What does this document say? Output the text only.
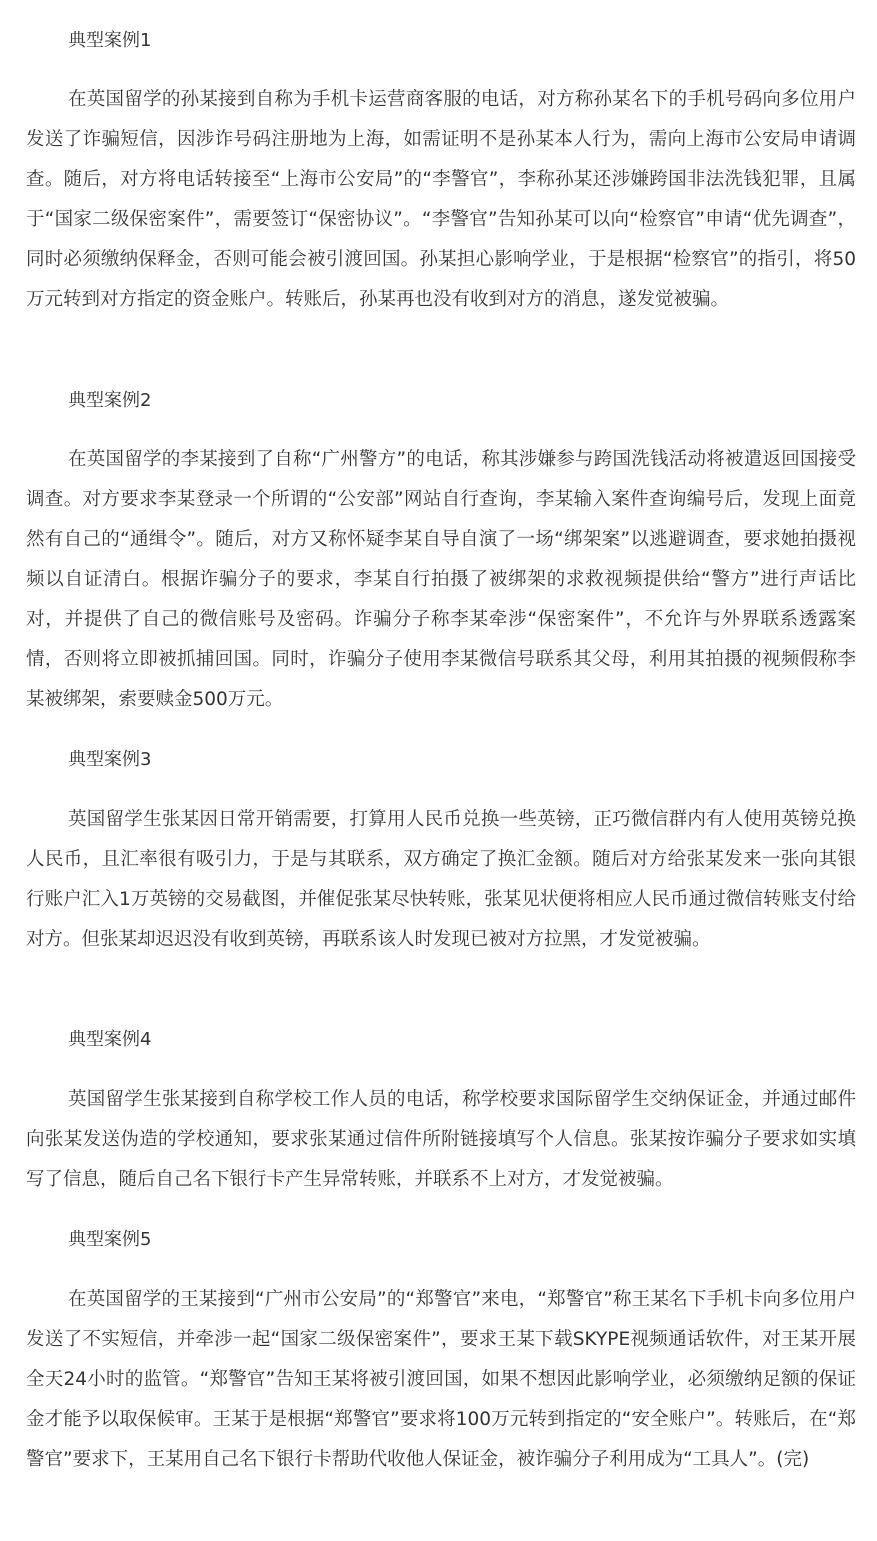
典型案例1

在英国留学的孙某接到自称为手机卡运营商客服的电话，对方称孙某名下的手机号码向多位用户发送了诈骗短信，因涉诈号码注册地为上海，如需证明不是孙某本人行为，需向上海市公安局申请调查。随后，对方将电话转接至“上海市公安局”的“李警官”，李称孙某还涉嫌跨国非法洗钱犯罪，且属于“国家二级保密案件”，需要签订“保密协议”。“李警官”告知孙某可以向“检察官”申请“优先调查”，同时必须缴纳保释金，否则可能会被引渡回国。孙某担心影响学业，于是根据“检察官”的指引，将50万元转到对方指定的资金账户。转账后，孙某再也没有收到对方的消息，遂发觉被骗。

典型案例2

在英国留学的李某接到了自称“广州警方”的电话，称其涉嫌参与跨国洗钱活动将被遣返回国接受调查。对方要求李某登录一个所谓的“公安部”网站自行查询，李某输入案件查询编号后，发现上面竟然有自己的“通缉令”。随后，对方又称怀疑李某自导自演了一场“绑架案”以逃避调查，要求她拍摄视频以自证清白。根据诈骗分子的要求，李某自行拍摄了被绑架的求救视频提供给“警方”进行声话比对，并提供了自己的微信账号及密码。诈骗分子称李某牵涉“保密案件”，不允许与外界联系透露案情，否则将立即被抓捕回国。同时，诈骗分子使用李某微信号联系其父母，利用其拍摄的视频假称李某被绑架，索要赎金500万元。

典型案例3

英国留学生张某因日常开销需要，打算用人民币兑换一些英镑，正巧微信群内有人使用英镑兑换人民币，且汇率很有吸引力，于是与其联系，双方确定了换汇金额。随后对方给张某发来一张向其银行账户汇入1万英镑的交易截图，并催促张某尽快转账，张某见状便将相应人民币通过微信转账支付给对方。但张某却迟迟没有收到英镑，再联系该人时发现已被对方拉黑，才发觉被骗。

典型案例4

英国留学生张某接到自称学校工作人员的电话，称学校要求国际留学生交纳保证金，并通过邮件向张某发送伪造的学校通知，要求张某通过信件所附链接填写个人信息。张某按诈骗分子要求如实填写了信息，随后自己名下银行卡产生异常转账，并联系不上对方，才发觉被骗。

典型案例5

在英国留学的王某接到“广州市公安局”的“郑警官”来电，“郑警官”称王某名下手机卡向多位用户发送了不实短信，并牵涉一起“国家二级保密案件”，要求王某下载SKYPE视频通话软件，对王某开展全天24小时的监管。“郑警官”告知王某将被引渡回国，如果不想因此影响学业，必须缴纳足额的保证金才能予以取保候审。王某于是根据“郑警官”要求将100万元转到指定的“安全账户”。转账后，在“郑警官”要求下，王某用自己名下银行卡帮助代收他人保证金，被诈骗分子利用成为“工具人”。(完)
